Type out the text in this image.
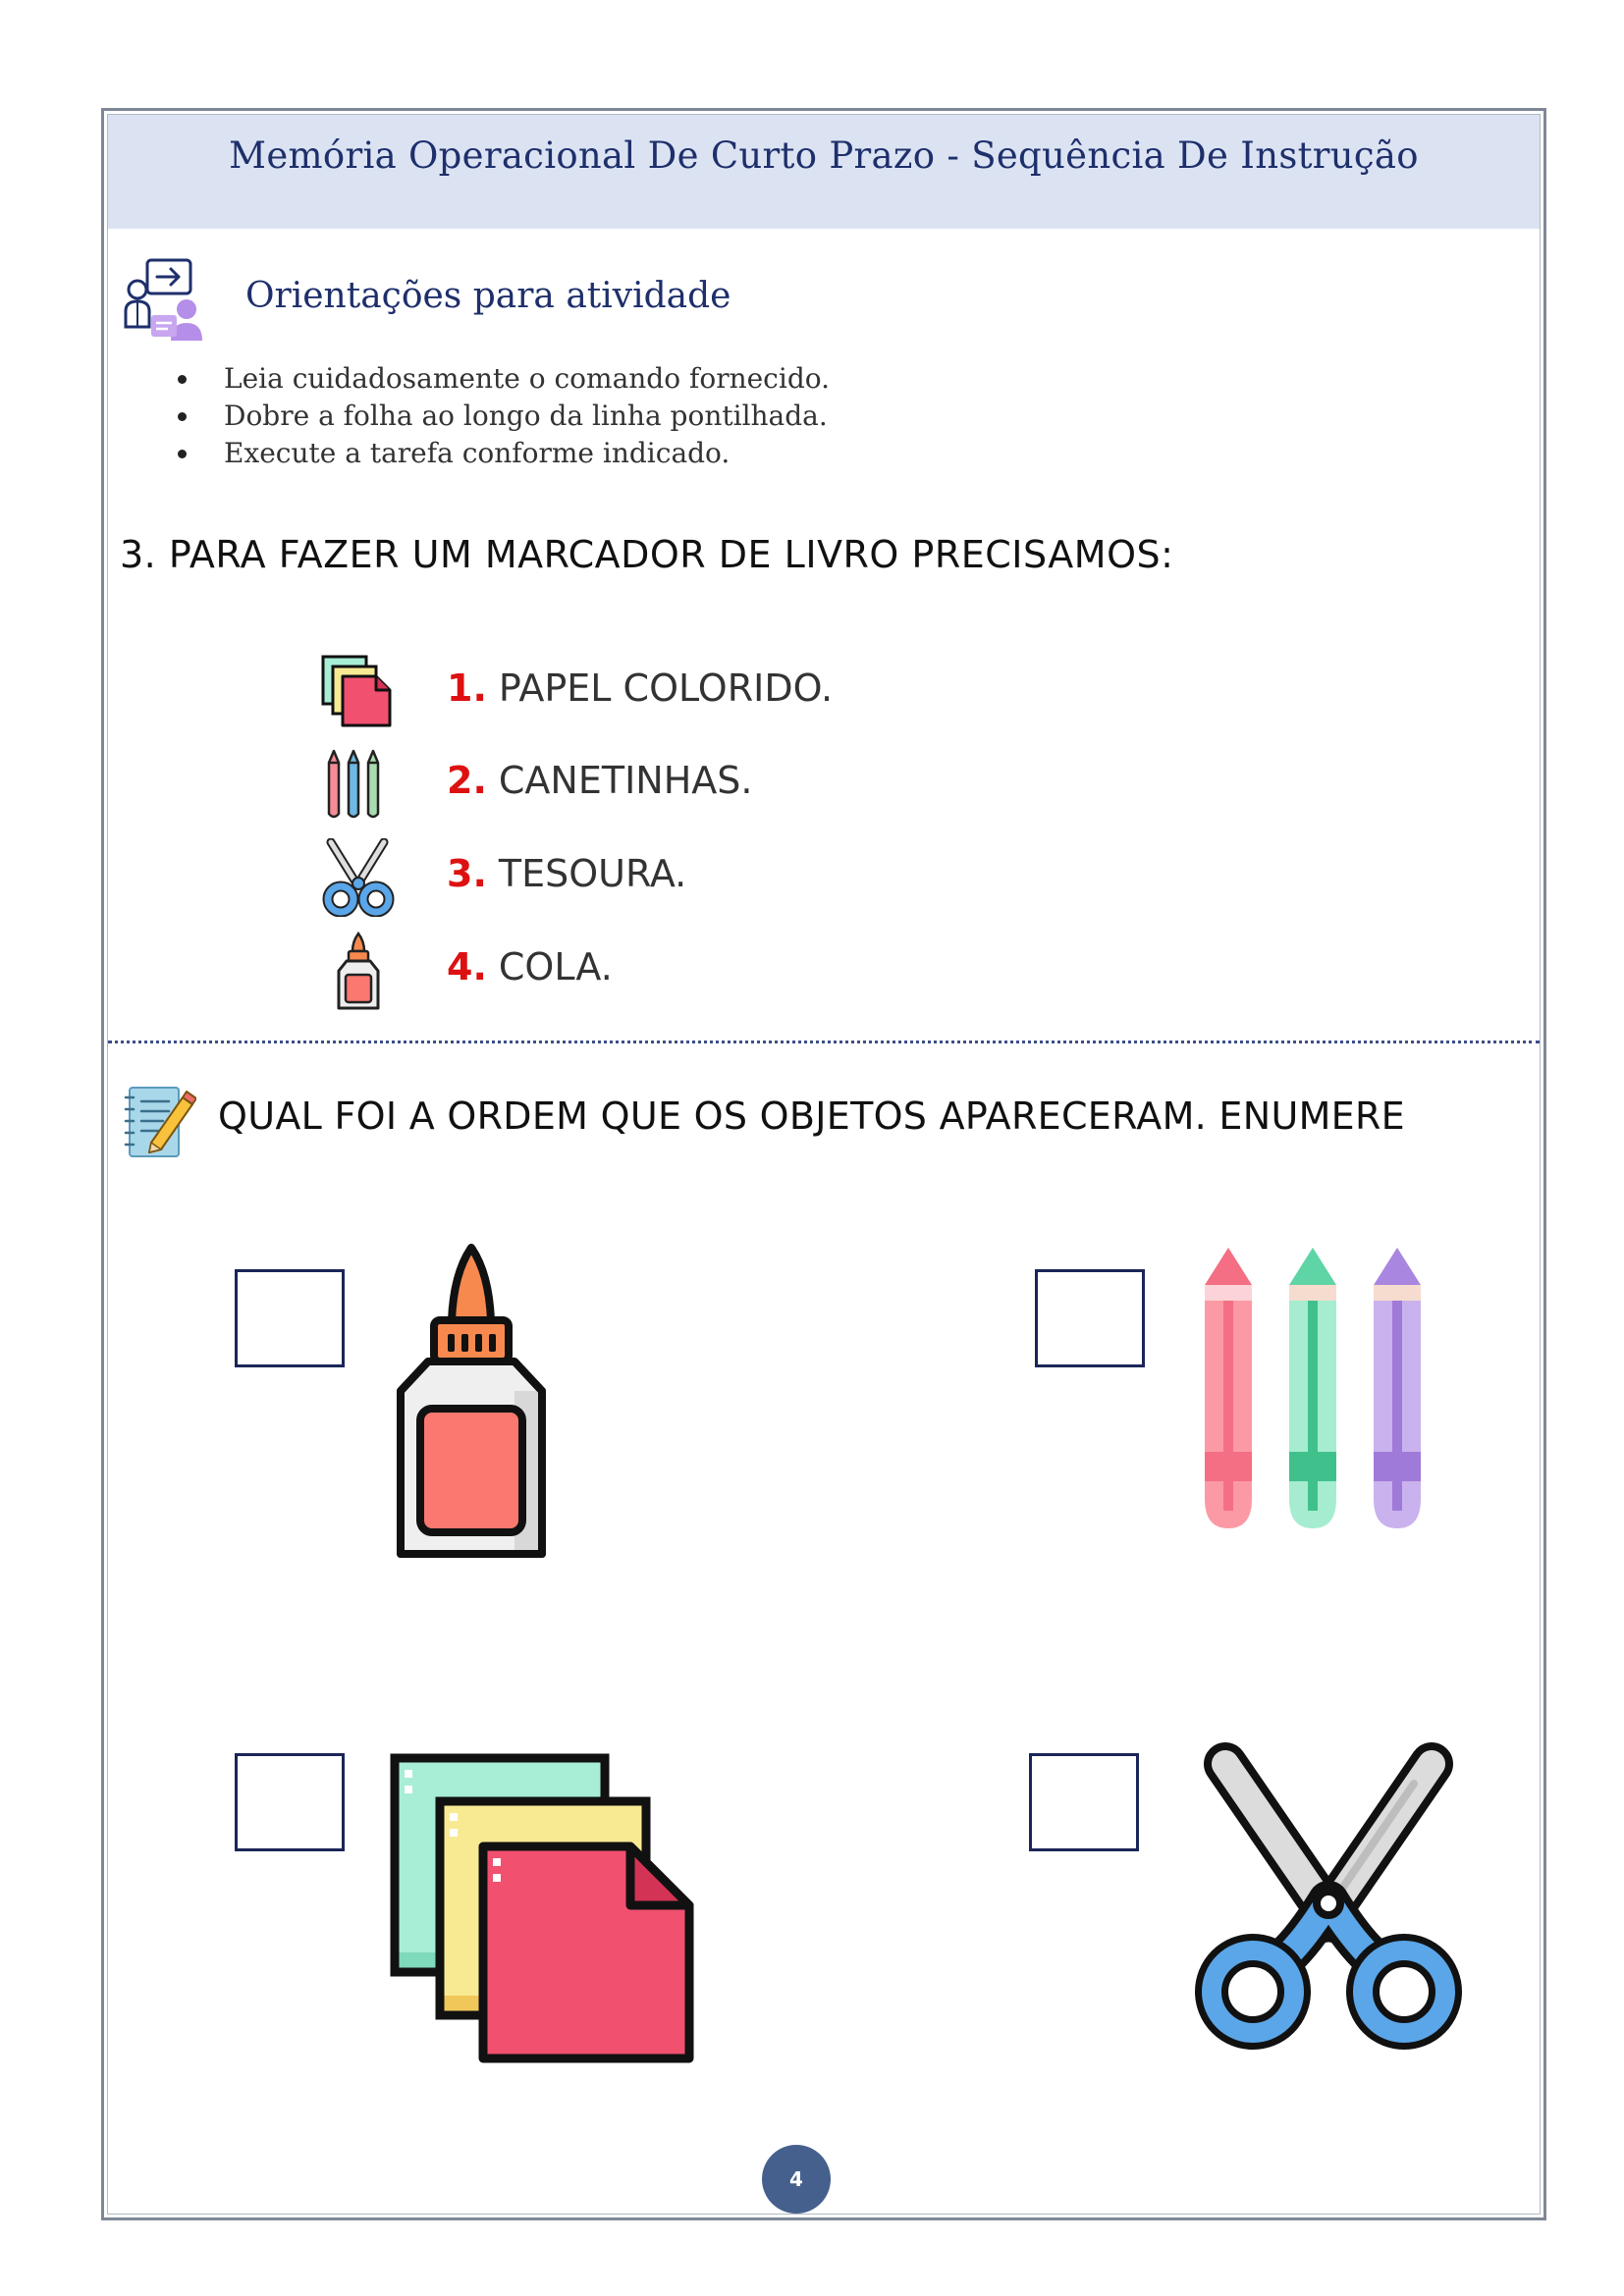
Memória Operacional De Curto Prazo - Sequência De Instrução
Orientações para atividade
Leia cuidadosamente o comando fornecido.
Dobre a folha ao longo da linha pontilhada.
Execute a tarefa conforme indicado.
3. PARA FAZER UM MARCADOR DE LIVRO PRECISAMOS:
1. PAPEL COLORIDO.
2. CANETINHAS.
3. TESOURA.
4. COLA.
QUAL FOI A ORDEM QUE OS OBJETOS APARECERAM. ENUMERE
4
